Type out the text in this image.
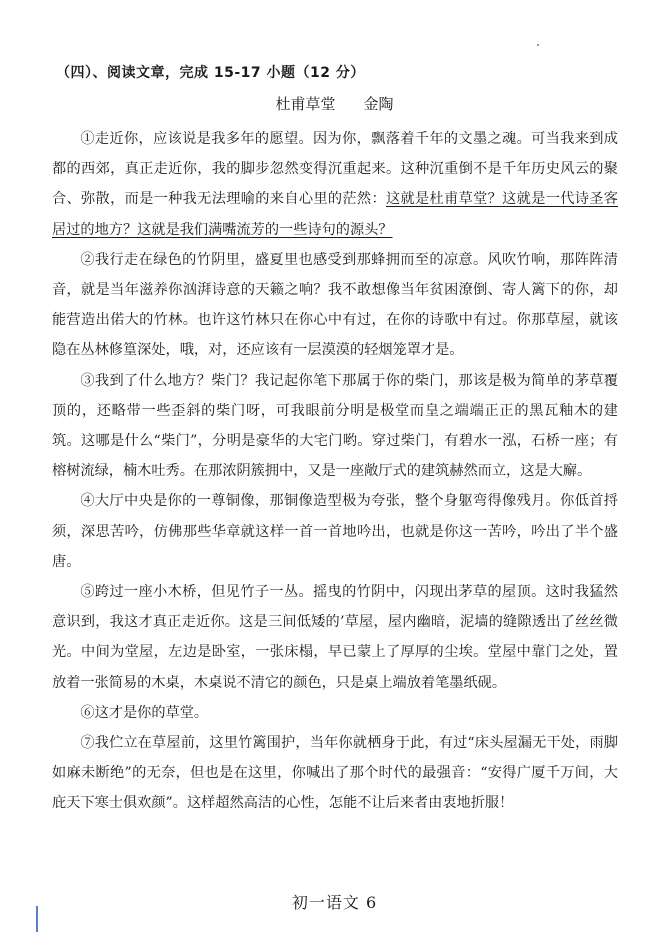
（四）、阅读文章，完成 15-17 小题（12 分）
杜甫草堂 金陶

①走近你，应该说是我多年的愿望。因为你，飘落着千年的文墨之魂。可当我来到成都的西郊，真正走近你，我的脚步忽然变得沉重起来。这种沉重倒不是千年历史风云的聚合、弥散，而是一种我无法理喻的来自心里的茫然：这就是杜甫草堂？这就是一代诗圣客居过的地方？这就是我们满嘴流芳的一些诗句的源头？

②我行走在绿色的竹阴里，盛夏里也感受到那蜂拥而至的凉意。风吹竹响，那阵阵清音，就是当年滋养你汹湃诗意的天籁之响？我不敢想像当年贫困潦倒、寄人篱下的你，却能营造出偌大的竹林。也许这竹林只在你心中有过，在你的诗歌中有过。你那草屋，就该隐在丛林修篁深处，哦，对，还应该有一层漠漠的轻烟笼罩才是。

③我到了什么地方？柴门？我记起你笔下那属于你的柴门，那该是极为简单的茅草覆顶的，还略带一些歪斜的柴门呀，可我眼前分明是极堂而皇之端端正正的黑瓦釉木的建筑。这哪是什么“柴门”，分明是豪华的大宅门哟。穿过柴门，有碧水一泓，石桥一座；有榕树流绿，楠木吐秀。在那浓阴簇拥中，又是一座敞厅式的建筑赫然而立，这是大廨。

④大厅中央是你的一尊铜像，那铜像造型极为夸张，整个身躯弯得像残月。你低首捋须，深思苦吟，仿佛那些华章就这样一首一首地吟出，也就是你这一苦吟，吟出了半个盛唐。

⑤跨过一座小木桥，但见竹子一丛。摇曳的竹阴中，闪现出茅草的屋顶。这时我猛然意识到，我这才真正走近你。这是三间低矮的’草屋，屋内幽暗，泥墙的缝隙透出了丝丝微光。中间为堂屋，左边是卧室，一张床榻，早已蒙上了厚厚的尘埃。堂屋中靠门之处，置放着一张简易的木桌，木桌说不清它的颜色，只是桌上端放着笔墨纸砚。

⑥这才是你的草堂。

⑦我伫立在草屋前，这里竹篱围护，当年你就栖身于此，有过“床头屋漏无干处，雨脚如麻未断绝”的无奈，但也是在这里，你喊出了那个时代的最强音：“安得广厦千万间，大庇天下寒士俱欢颜”。这样超然高洁的心性，怎能不让后来者由衷地折服！

初一语文 6
